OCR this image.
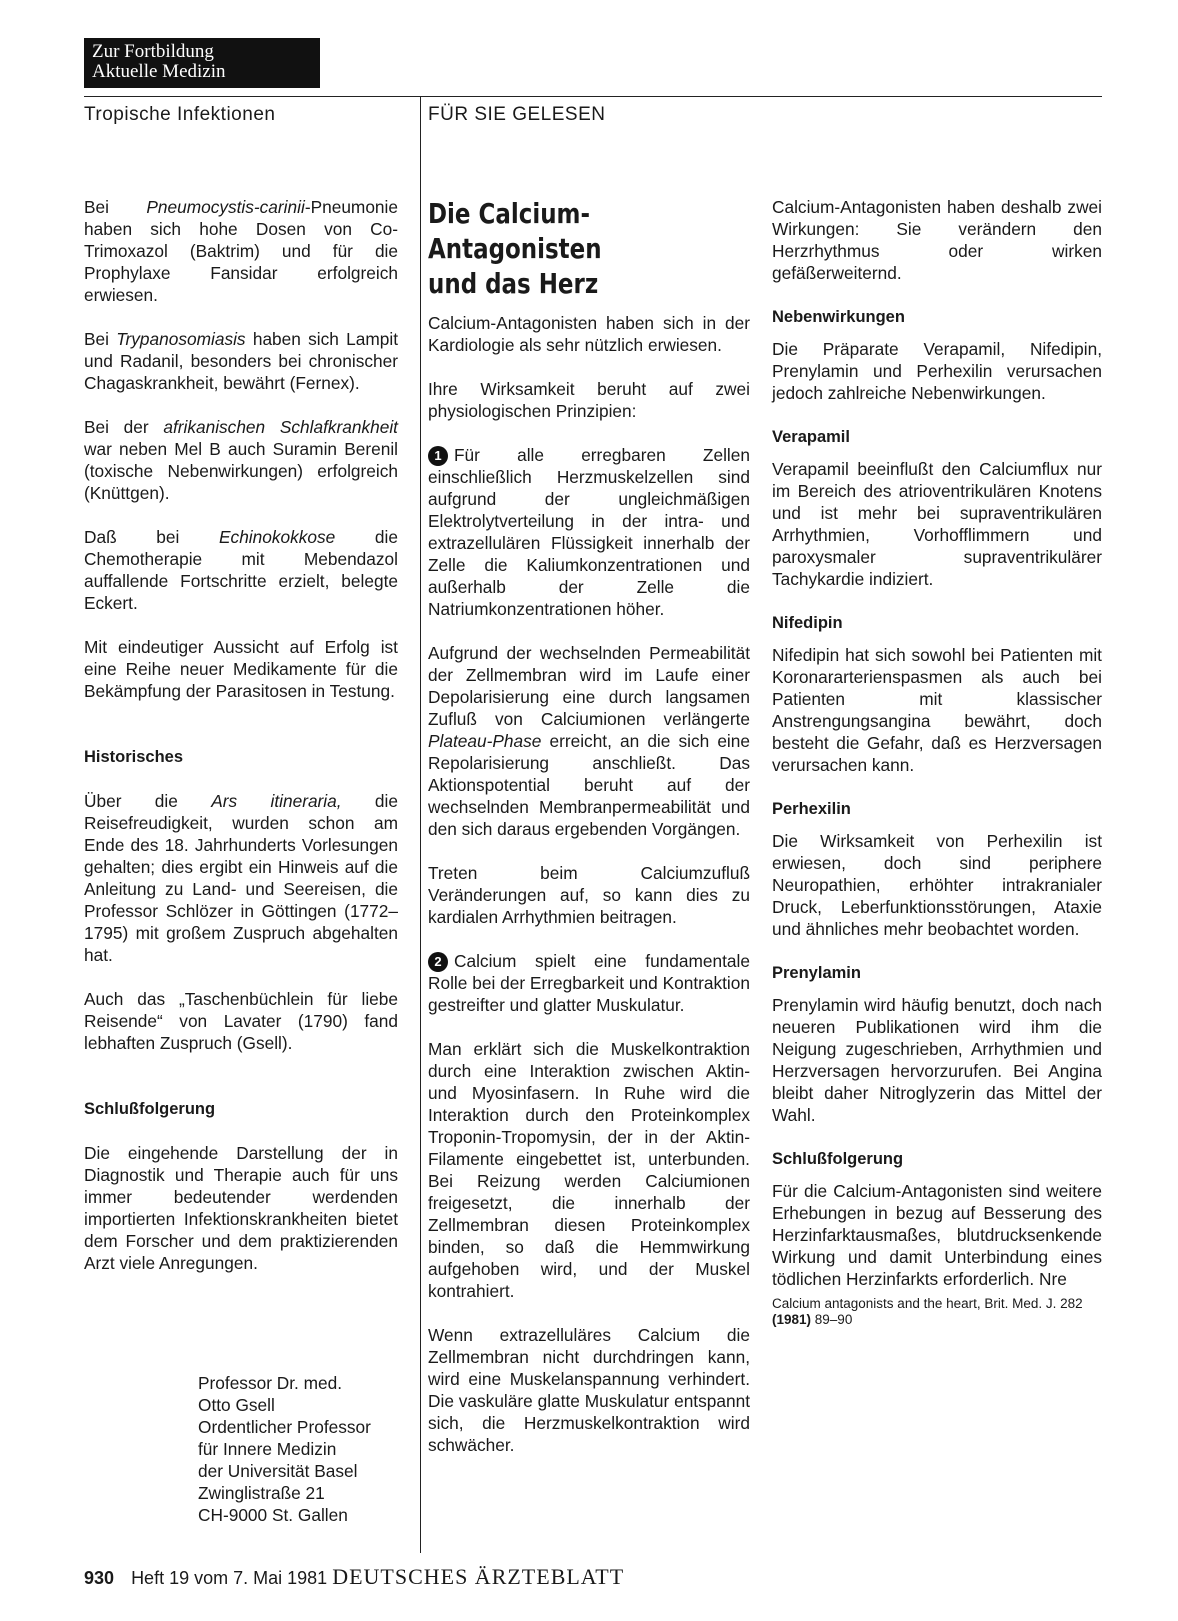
Zur Fortbildung
Aktuelle Medizin
Tropische Infektionen	FÜR SIE GELESEN

Bei Pneumocystis-carinii-Pneumonie haben sich hohe Dosen von Co-Trimoxazol (Baktrim) und für die Prophylaxe Fansidar erfolgreich erwiesen.

Bei Trypanosomiasis haben sich Lampit und Radanil, besonders bei chronischer Chagaskrankheit, bewährt (Fernex).

Bei der afrikanischen Schlafkrankheit war neben Mel B auch Suramin Berenil (toxische Nebenwirkungen) erfolgreich (Knüttgen).

Daß bei Echinokokkose die Chemotherapie mit Mebendazol auffallende Fortschritte erzielt, belegte Eckert.

Mit eindeutiger Aussicht auf Erfolg ist eine Reihe neuer Medikamente für die Bekämpfung der Parasitosen in Testung.

Historisches

Über die Ars itineraria, die Reisefreudigkeit, wurden schon am Ende des 18. Jahrhunderts Vorlesungen gehalten; dies ergibt ein Hinweis auf die Anleitung zu Land- und Seereisen, die Professor Schlözer in Göttingen (1772–1795) mit großem Zuspruch abgehalten hat.

Auch das „Taschenbüchlein für liebe Reisende“ von Lavater (1790) fand lebhaften Zuspruch (Gsell).

Schlußfolgerung

Die eingehende Darstellung der in Diagnostik und Therapie auch für uns immer bedeutender werdenden importierten Infektionskrankheiten bietet dem Forscher und dem praktizierenden Arzt viele Anregungen.

Professor Dr. med.
Otto Gsell
Ordentlicher Professor
für Innere Medizin
der Universität Basel
Zwinglistraße 21
CH-9000 St. Gallen
Die Calcium-Antagonisten
und das Herz

Calcium-Antagonisten haben sich in der Kardiologie als sehr nützlich erwiesen.

Ihre Wirksamkeit beruht auf zwei physiologischen Prinzipien:

1 Für alle erregbaren Zellen einschließlich Herzmuskelzellen sind aufgrund der ungleichmäßigen Elektrolytverteilung in der intra- und extrazellulären Flüssigkeit innerhalb der Zelle die Kaliumkonzentrationen und außerhalb der Zelle die Natriumkonzentrationen höher.

Aufgrund der wechselnden Permeabilität der Zellmembran wird im Laufe einer Depolarisierung eine durch langsamen Zufluß von Calciumionen verlängerte Plateau-Phase erreicht, an die sich eine Repolarisierung anschließt. Das Aktionspotential beruht auf der wechselnden Membranpermeabilität und den sich daraus ergebenden Vorgängen.

Treten beim Calciumzufluß Veränderungen auf, so kann dies zu kardialen Arrhythmien beitragen.

2 Calcium spielt eine fundamentale Rolle bei der Erregbarkeit und Kontraktion gestreifter und glatter Muskulatur.

Man erklärt sich die Muskelkontraktion durch eine Interaktion zwischen Aktin- und Myosinfasern. In Ruhe wird die Interaktion durch den Proteinkomplex Troponin-Tropomysin, der in der Aktin-Filamente eingebettet ist, unterbunden. Bei Reizung werden Calciumionen freigesetzt, die innerhalb der Zellmembran diesen Proteinkomplex binden, so daß die Hemmwirkung aufgehoben wird, und der Muskel kontrahiert.

Wenn extrazelluläres Calcium die Zellmembran nicht durchdringen kann, wird eine Muskelanspannung verhindert. Die vaskuläre glatte Muskulatur entspannt sich, die Herzmuskelkontraktion wird schwächer.

Calcium-Antagonisten haben deshalb zwei Wirkungen: Sie verändern den Herzrhythmus oder wirken gefäßerweiternd.

Nebenwirkungen

Die Präparate Verapamil, Nifedipin, Prenylamin und Perhexilin verursachen jedoch zahlreiche Nebenwirkungen.

Verapamil

Verapamil beeinflußt den Calciumflux nur im Bereich des atrioventrikulären Knotens und ist mehr bei supraventrikulären Arrhythmien, Vorhofflimmern und paroxysmaler supraventrikulärer Tachykardie indiziert.

Nifedipin

Nifedipin hat sich sowohl bei Patienten mit Koronararterienspasmen als auch bei Patienten mit klassischer Anstrengungsangina bewährt, doch besteht die Gefahr, daß es Herzversagen verursachen kann.

Perhexilin

Die Wirksamkeit von Perhexilin ist erwiesen, doch sind periphere Neuropathien, erhöhter intrakranialer Druck, Leberfunktionsstörungen, Ataxie und ähnliches mehr beobachtet worden.

Prenylamin

Prenylamin wird häufig benutzt, doch nach neueren Publikationen wird ihm die Neigung zugeschrieben, Arrhythmien und Herzversagen hervorzurufen. Bei Angina bleibt daher Nitroglyzerin das Mittel der Wahl.

Schlußfolgerung

Für die Calcium-Antagonisten sind weitere Erhebungen in bezug auf Besserung des Herzinfarktausmaßes, blutdrucksenkende Wirkung und damit Unterbindung eines tödlichen Herzinfarkts erforderlich. Nre

Calcium antagonists and the heart, Brit. Med. J. 282 (1981) 89–90
930 Heft 19 vom 7. Mai 1981 DEUTSCHES ÄRZTEBLATT
